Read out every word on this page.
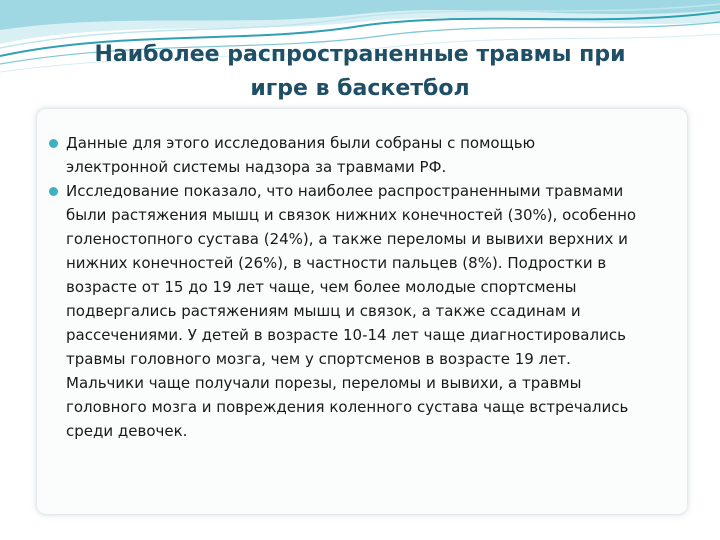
Наиболее распространенные травмы при
игре в баскетбол
Данные для этого исследования были собраны с помощью
электронной системы надзора за травмами РФ.
Исследование показало, что наиболее распространенными травмами
были растяжения мышц и связок нижних конечностей (30%), особенно
голеностопного сустава (24%), а также переломы и вывихи верхних и
нижних конечностей (26%), в частности пальцев (8%). Подростки в
возрасте от 15 до 19 лет чаще, чем более молодые спортсмены
подвергались растяжениям мышц и связок, а также ссадинам и
рассечениями. У детей в возрасте 10-14 лет чаще диагностировались
травмы головного мозга, чем у спортсменов в возрасте 19 лет.
Мальчики чаще получали порезы, переломы и вывихи, а травмы
головного мозга и повреждения коленного сустава чаще встречались
среди девочек.
